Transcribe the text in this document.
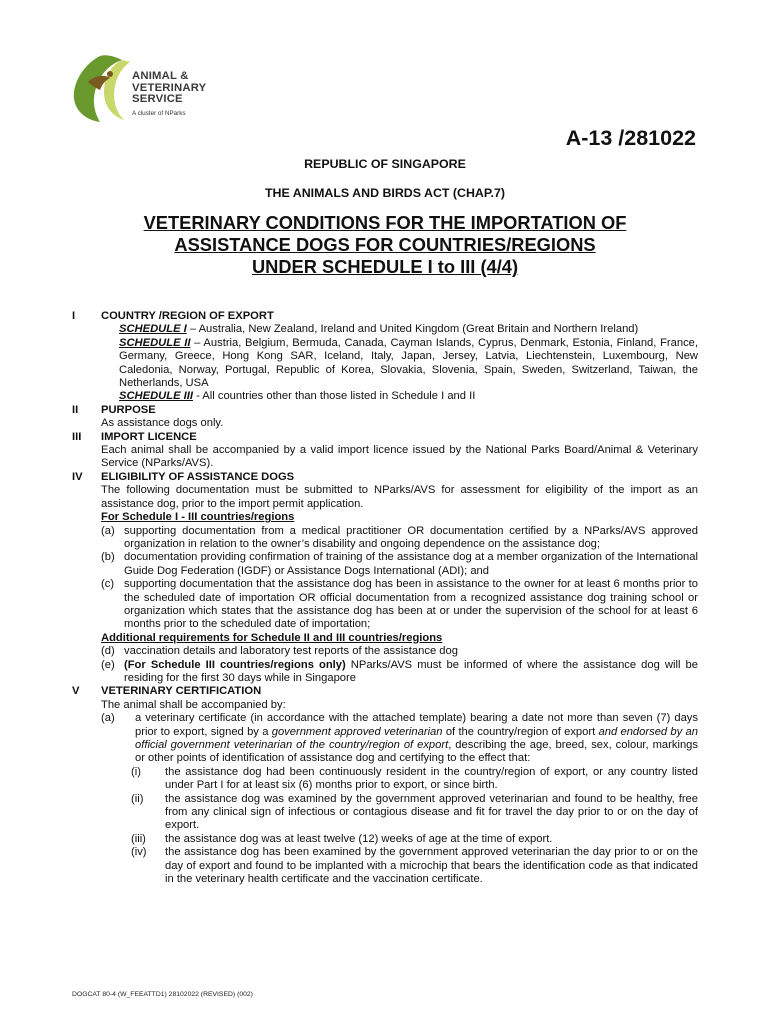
ANIMAL &
VETERINARY
SERVICE
A cluster of NParks
A-13 /281022
REPUBLIC OF SINGAPORE
THE ANIMALS AND BIRDS ACT (CHAP.7)
VETERINARY CONDITIONS FOR THE IMPORTATION OF
ASSISTANCE DOGS FOR COUNTRIES/REGIONS
UNDER SCHEDULE I to III (4/4)
I	COUNTRY /REGION OF EXPORT
SCHEDULE I – Australia, New Zealand, Ireland and United Kingdom (Great Britain and Northern Ireland)
SCHEDULE II – Austria, Belgium, Bermuda, Canada, Cayman Islands, Cyprus, Denmark, Estonia, Finland, France, Germany, Greece, Hong Kong SAR, Iceland, Italy, Japan, Jersey, Latvia, Liechtenstein, Luxembourg, New Caledonia, Norway, Portugal, Republic of Korea, Slovakia, Slovenia, Spain, Sweden, Switzerland, Taiwan, the Netherlands, USA
SCHEDULE III - All countries other than those listed in Schedule I and II
II	PURPOSE
As assistance dogs only.
III	IMPORT LICENCE
Each animal shall be accompanied by a valid import licence issued by the National Parks Board/Animal & Veterinary Service (NParks/AVS).
IV	ELIGIBILITY OF ASSISTANCE DOGS
The following documentation must be submitted to NParks/AVS for assessment for eligibility of the import as an assistance dog, prior to the import permit application.
For Schedule I - III countries/regions
(a) supporting documentation from a medical practitioner OR documentation certified by a NParks/AVS approved organization in relation to the owner’s disability and ongoing dependence on the assistance dog;
(b) documentation providing confirmation of training of the assistance dog at a member organization of the International Guide Dog Federation (IGDF) or Assistance Dogs International (ADI); and
(c) supporting documentation that the assistance dog has been in assistance to the owner for at least 6 months prior to the scheduled date of importation OR official documentation from a recognized assistance dog training school or organization which states that the assistance dog has been at or under the supervision of the school for at least 6 months prior to the scheduled date of importation;
Additional requirements for Schedule II and III countries/regions
(d) vaccination details and laboratory test reports of the assistance dog
(e) (For Schedule III countries/regions only) NParks/AVS must be informed of where the assistance dog will be residing for the first 30 days while in Singapore
V	VETERINARY CERTIFICATION
The animal shall be accompanied by:
(a)	a veterinary certificate (in accordance with the attached template) bearing a date not more than seven (7) days prior to export, signed by a government approved veterinarian of the country/region of export and endorsed by an official government veterinarian of the country/region of export, describing the age, breed, sex, colour, markings or other points of identification of assistance dog and certifying to the effect that:
(i)	the assistance dog had been continuously resident in the country/region of export, or any country listed under Part I for at least six (6) months prior to export, or since birth.
(ii)	the assistance dog was examined by the government approved veterinarian and found to be healthy, free from any clinical sign of infectious or contagious disease and fit for travel the day prior to or on the day of export.
(iii)	the assistance dog was at least twelve (12) weeks of age at the time of export.
(iv)	the assistance dog has been examined by the government approved veterinarian the day prior to or on the day of export and found to be implanted with a microchip that bears the identification code as that indicated in the veterinary health certificate and the vaccination certificate.
DOGCAT 80-4 (W_FEEATTD1) 28102022 (REVISED) (002)
